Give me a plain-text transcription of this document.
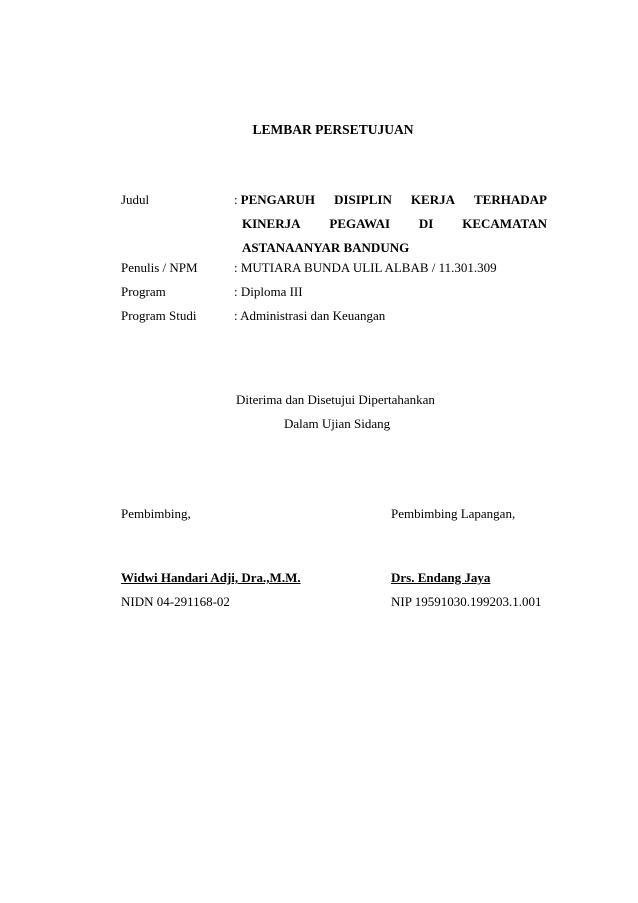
LEMBAR PERSETUJUAN
Judul	: PENGARUH DISIPLIN KERJA TERHADAP
KINERJA PEGAWAI DI KECAMATAN
ASTANAANYAR BANDUNG
Penulis / NPM	: MUTIARA BUNDA ULIL ALBAB / 11.301.309
Program	: Diploma III
Program Studi	: Administrasi dan Keuangan
Diterima dan Disetujui Dipertahankan
Dalam Ujian Sidang
Pembimbing,	Pembimbing Lapangan,
Widwi Handari Adji, Dra.,M.M.	Drs. Endang Jaya
NIDN 04-291168-02	NIP 19591030.199203.1.001
